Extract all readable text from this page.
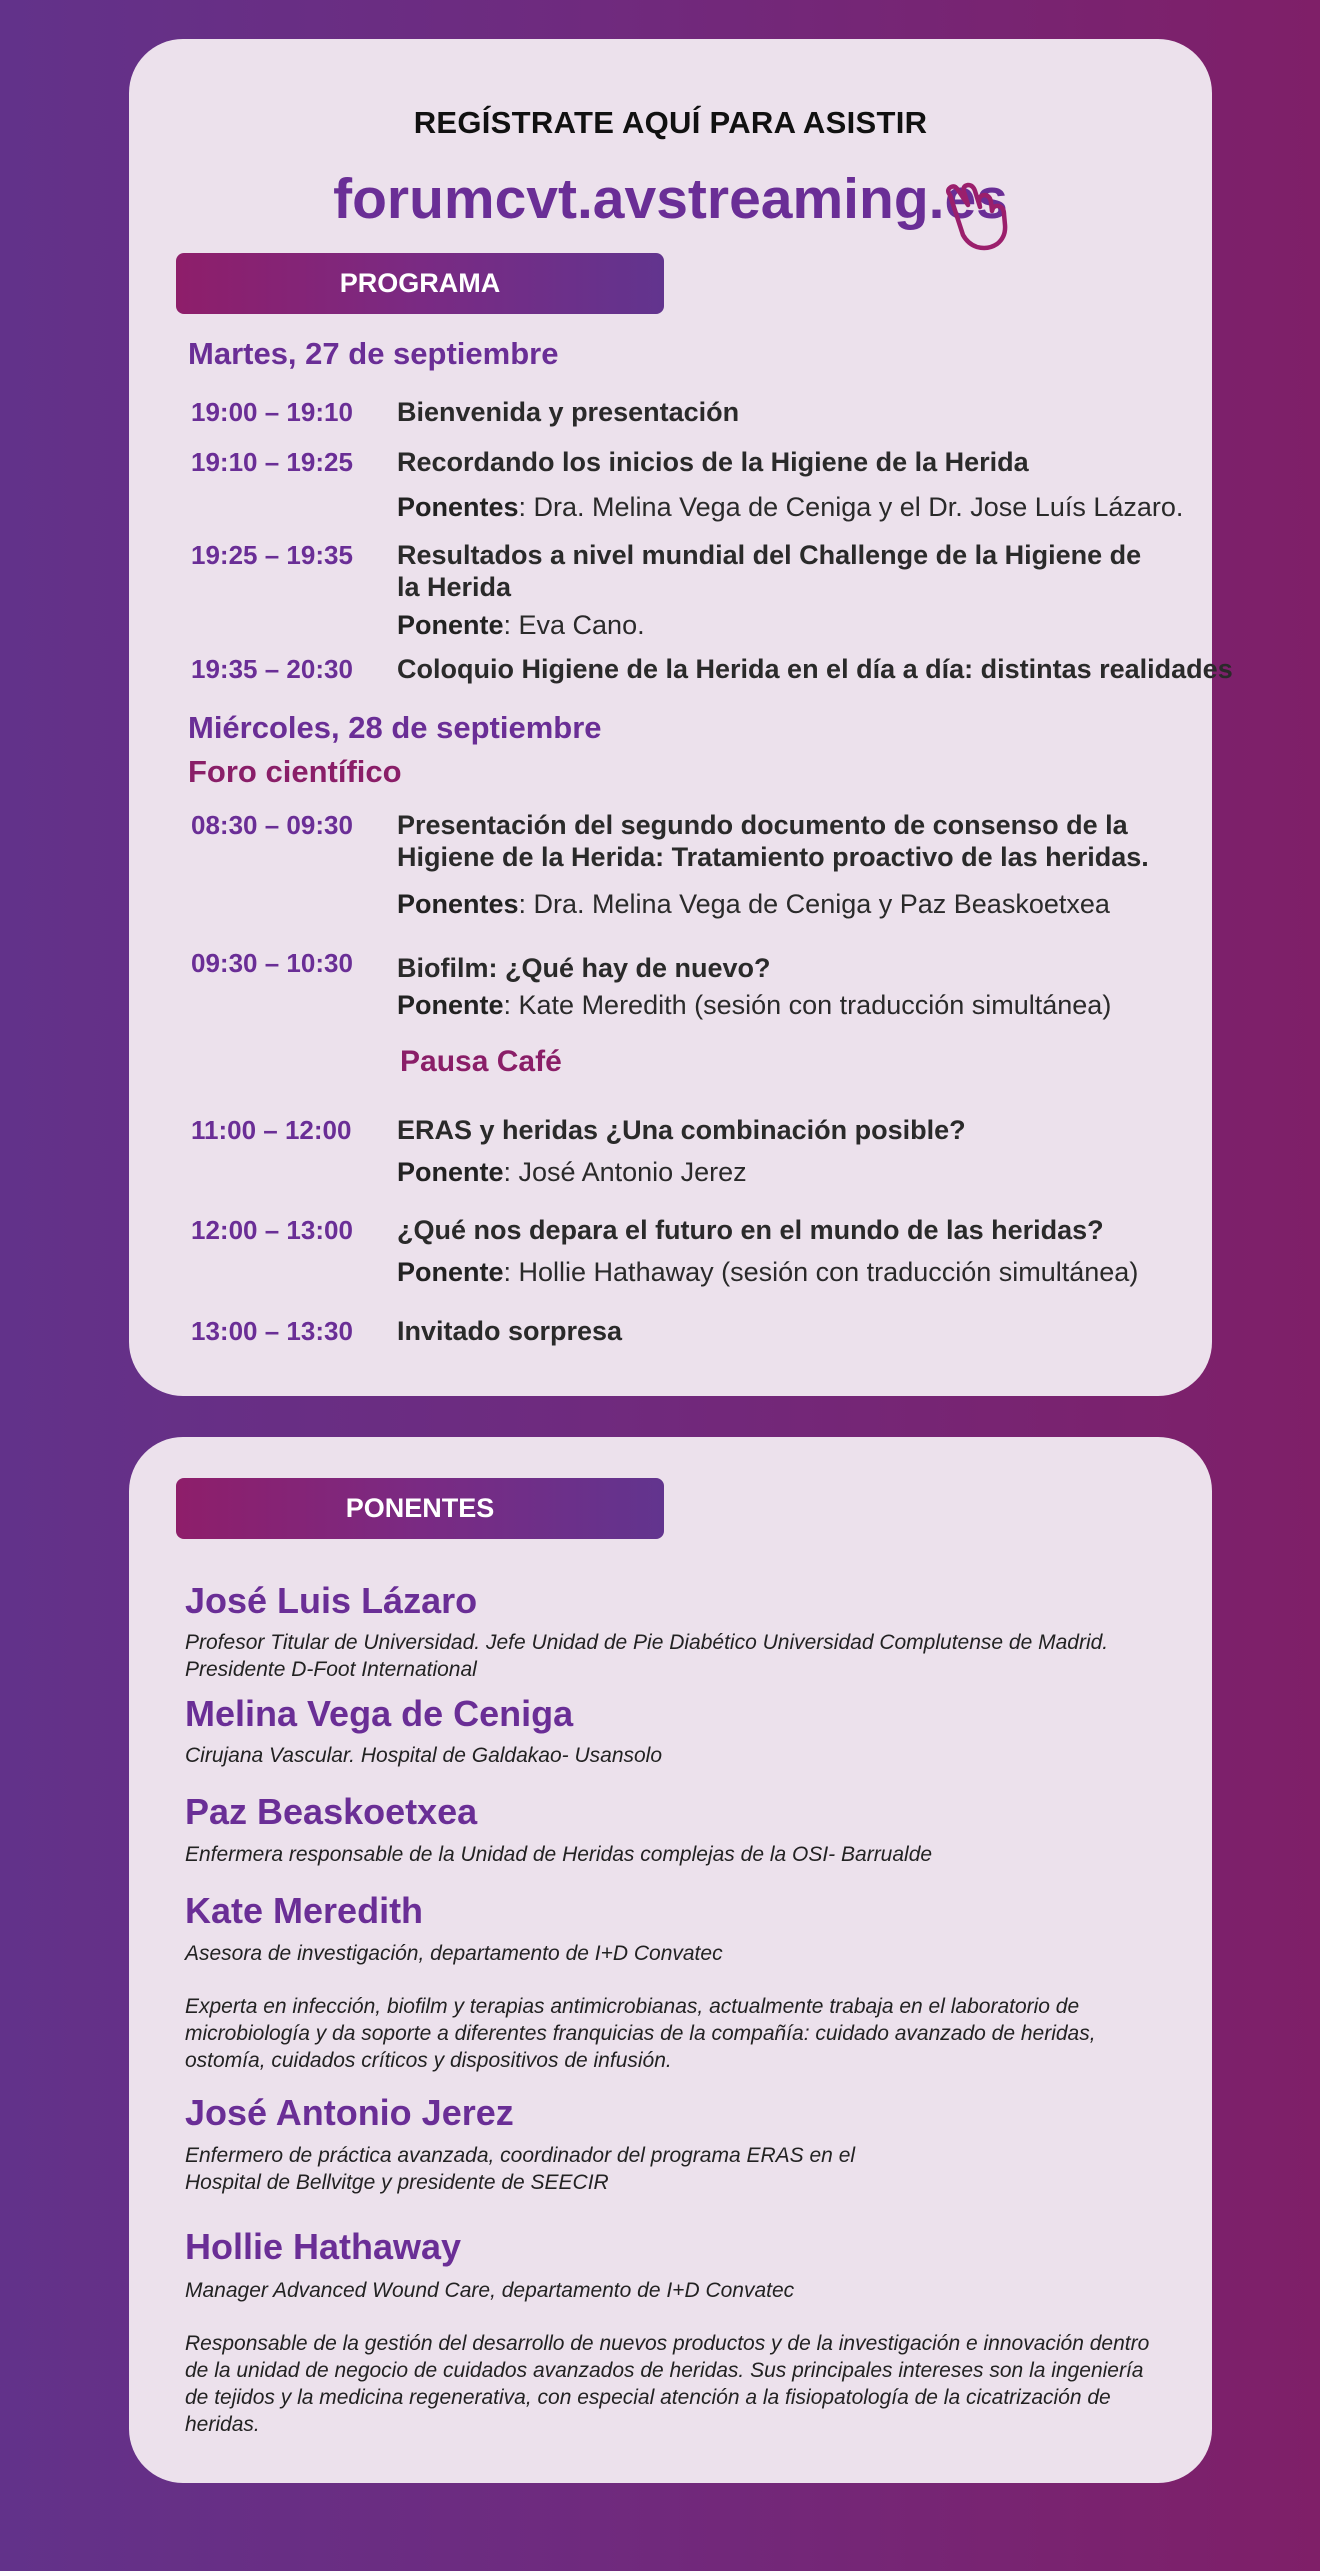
REGÍSTRATE AQUÍ PARA ASISTIR
forumcvt.avstreaming.es
PROGRAMA
Martes, 27 de septiembre
19:00 – 19:10 Bienvenida y presentación
19:10 – 19:25 Recordando los inicios de la Higiene de la Herida
Ponentes: Dra. Melina Vega de Ceniga y el Dr. Jose Luís Lázaro.
19:25 – 19:35 Resultados a nivel mundial del Challenge de la Higiene de la Herida
Ponente: Eva Cano.
19:35 – 20:30 Coloquio Higiene de la Herida en el día a día: distintas realidades
Miércoles, 28 de septiembre
Foro científico
08:30 – 09:30 Presentación del segundo documento de consenso de la Higiene de la Herida: Tratamiento proactivo de las heridas.
Ponentes: Dra. Melina Vega de Ceniga y Paz Beaskoetxea
09:30 – 10:30 Biofilm: ¿Qué hay de nuevo?
Ponente: Kate Meredith (sesión con traducción simultánea)
Pausa Café
11:00 – 12:00 ERAS y heridas ¿Una combinación posible?
Ponente: José Antonio Jerez
12:00 – 13:00 ¿Qué nos depara el futuro en el mundo de las heridas?
Ponente: Hollie Hathaway (sesión con traducción simultánea)
13:00 – 13:30 Invitado sorpresa
PONENTES
José Luis Lázaro
Profesor Titular de Universidad. Jefe Unidad de Pie Diabético Universidad Complutense de Madrid. Presidente D-Foot International
Melina Vega de Ceniga
Cirujana Vascular. Hospital de Galdakao- Usansolo
Paz Beaskoetxea
Enfermera responsable de la Unidad de Heridas complejas de la OSI- Barrualde
Kate Meredith
Asesora de investigación, departamento de I+D Convatec
Experta en infección, biofilm y terapias antimicrobianas, actualmente trabaja en el laboratorio de microbiología y da soporte a diferentes franquicias de la compañía: cuidado avanzado de heridas, ostomía, cuidados críticos y dispositivos de infusión.
José Antonio Jerez
Enfermero de práctica avanzada, coordinador del programa ERAS en el Hospital de Bellvitge y presidente de SEECIR
Hollie Hathaway
Manager Advanced Wound Care, departamento de I+D Convatec
Responsable de la gestión del desarrollo de nuevos productos y de la investigación e innovación dentro de la unidad de negocio de cuidados avanzados de heridas. Sus principales intereses son la ingeniería de tejidos y la medicina regenerativa, con especial atención a la fisiopatología de la cicatrización de heridas.
